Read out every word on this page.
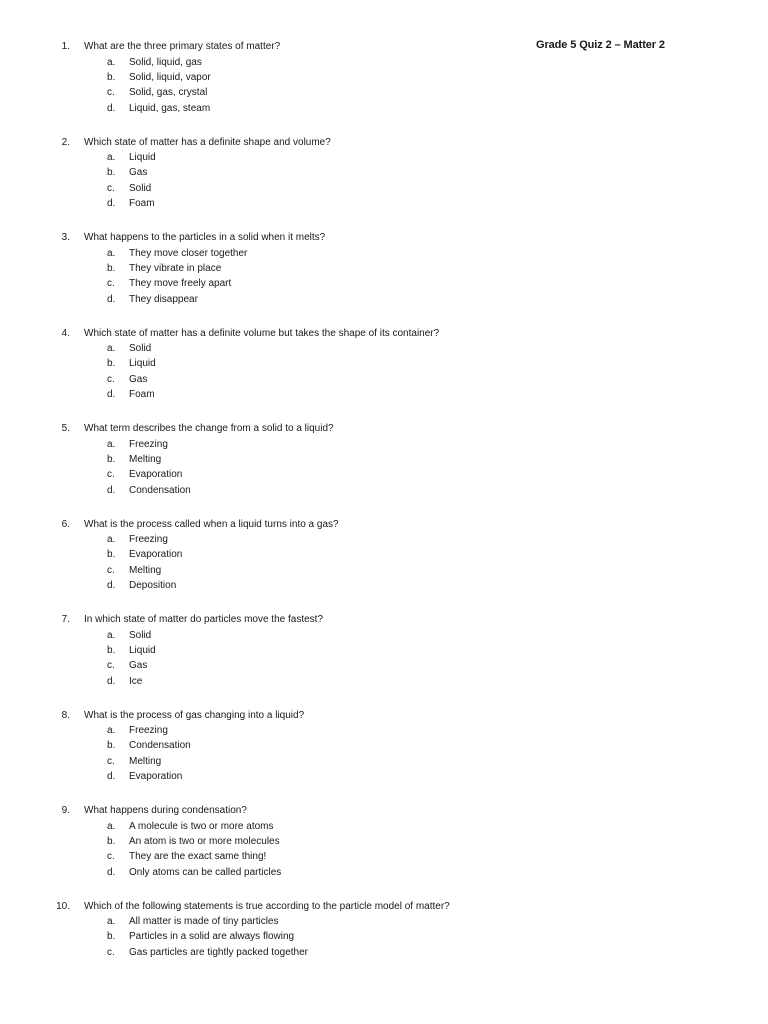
Grade 5 Quiz 2 – Matter 2
1. What are the three primary states of matter?
a. Solid, liquid, gas
b. Solid, liquid, vapor
c. Solid, gas, crystal
d. Liquid, gas, steam
2. Which state of matter has a definite shape and volume?
a. Liquid
b. Gas
c. Solid
d. Foam
3. What happens to the particles in a solid when it melts?
a. They move closer together
b. They vibrate in place
c. They move freely apart
d. They disappear
4. Which state of matter has a definite volume but takes the shape of its container?
a. Solid
b. Liquid
c. Gas
d. Foam
5. What term describes the change from a solid to a liquid?
a. Freezing
b. Melting
c. Evaporation
d. Condensation
6. What is the process called when a liquid turns into a gas?
a. Freezing
b. Evaporation
c. Melting
d. Deposition
7. In which state of matter do particles move the fastest?
a. Solid
b. Liquid
c. Gas
d. Ice
8. What is the process of gas changing into a liquid?
a. Freezing
b. Condensation
c. Melting
d. Evaporation
9. What happens during condensation?
a. A molecule is two or more atoms
b. An atom is two or more molecules
c. They are the exact same thing!
d. Only atoms can be called particles
10. Which of the following statements is true according to the particle model of matter?
a. All matter is made of tiny particles
b. Particles in a solid are always flowing
c. Gas particles are tightly packed together
